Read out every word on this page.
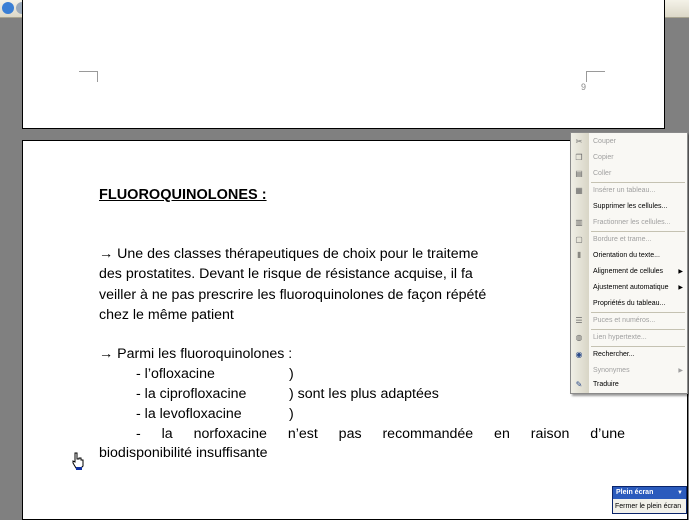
9
FLUOROQUINOLONES :
→ Une des classes thérapeutiques de choix pour le traiteme
des prostatites. Devant le risque de résistance acquise, il fa
veiller à ne pas prescrire les fluoroquinolones de façon répété
chez le même patient
→ Parmi les fluoroquinolones :
- l’ofloxacine	)
- la ciprofloxacine	) sont les plus adaptées
- la levofloxacine	)
- la norfoxacine n’est pas recommandée en raison d’une
biodisponibilité insuffisante
✂ Couper
❐ Copier
▤ Coller
▦ Insérer un tableau...
Supprimer les cellules...
▥ Fractionner les cellules...
▢ Bordure et trame...
⫴	Orientation du texte...
Alignement de cellules	▶
Ajustement automatique ▶
Propriétés du tableau...
☰ Puces et numéros...
◍ Lien hypertexte...
◉ Rechercher...
Synonymes	▶
✎ Traduire
Plein écran	▼
Fermer le plein écran
